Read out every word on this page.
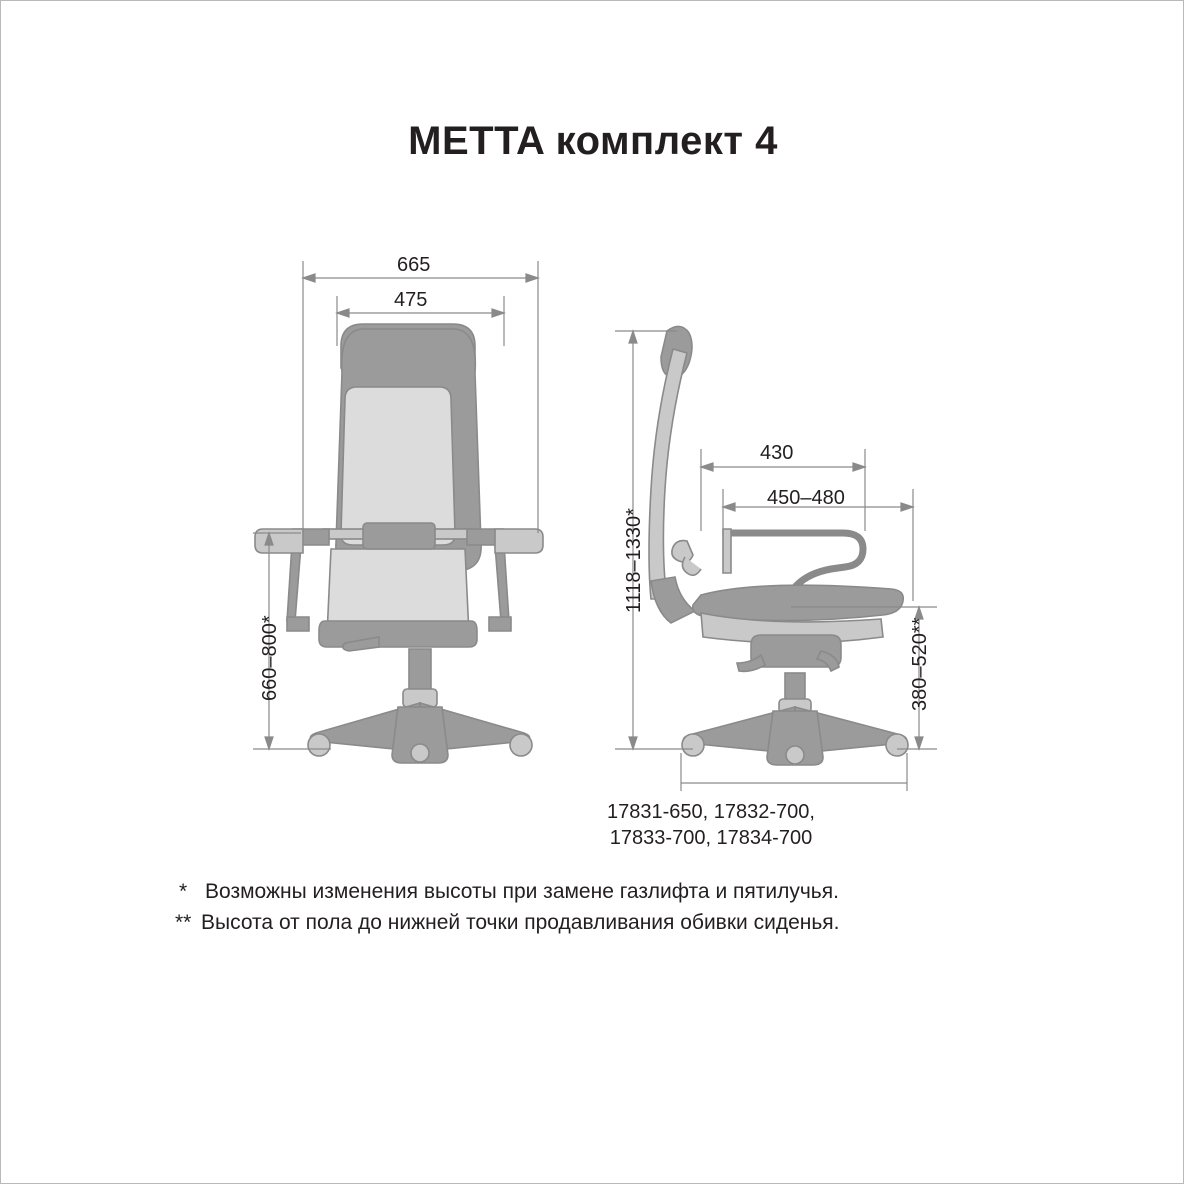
METTA комплект 4
665
475
660–800*
430
450–480
1118–1330*
380–520**
17831-650, 17832-700,
17833-700, 17834-700
* Возможны изменения высоты при замене газлифта и пятилучья.
** Высота от пола до нижней точки продавливания обивки сиденья.
